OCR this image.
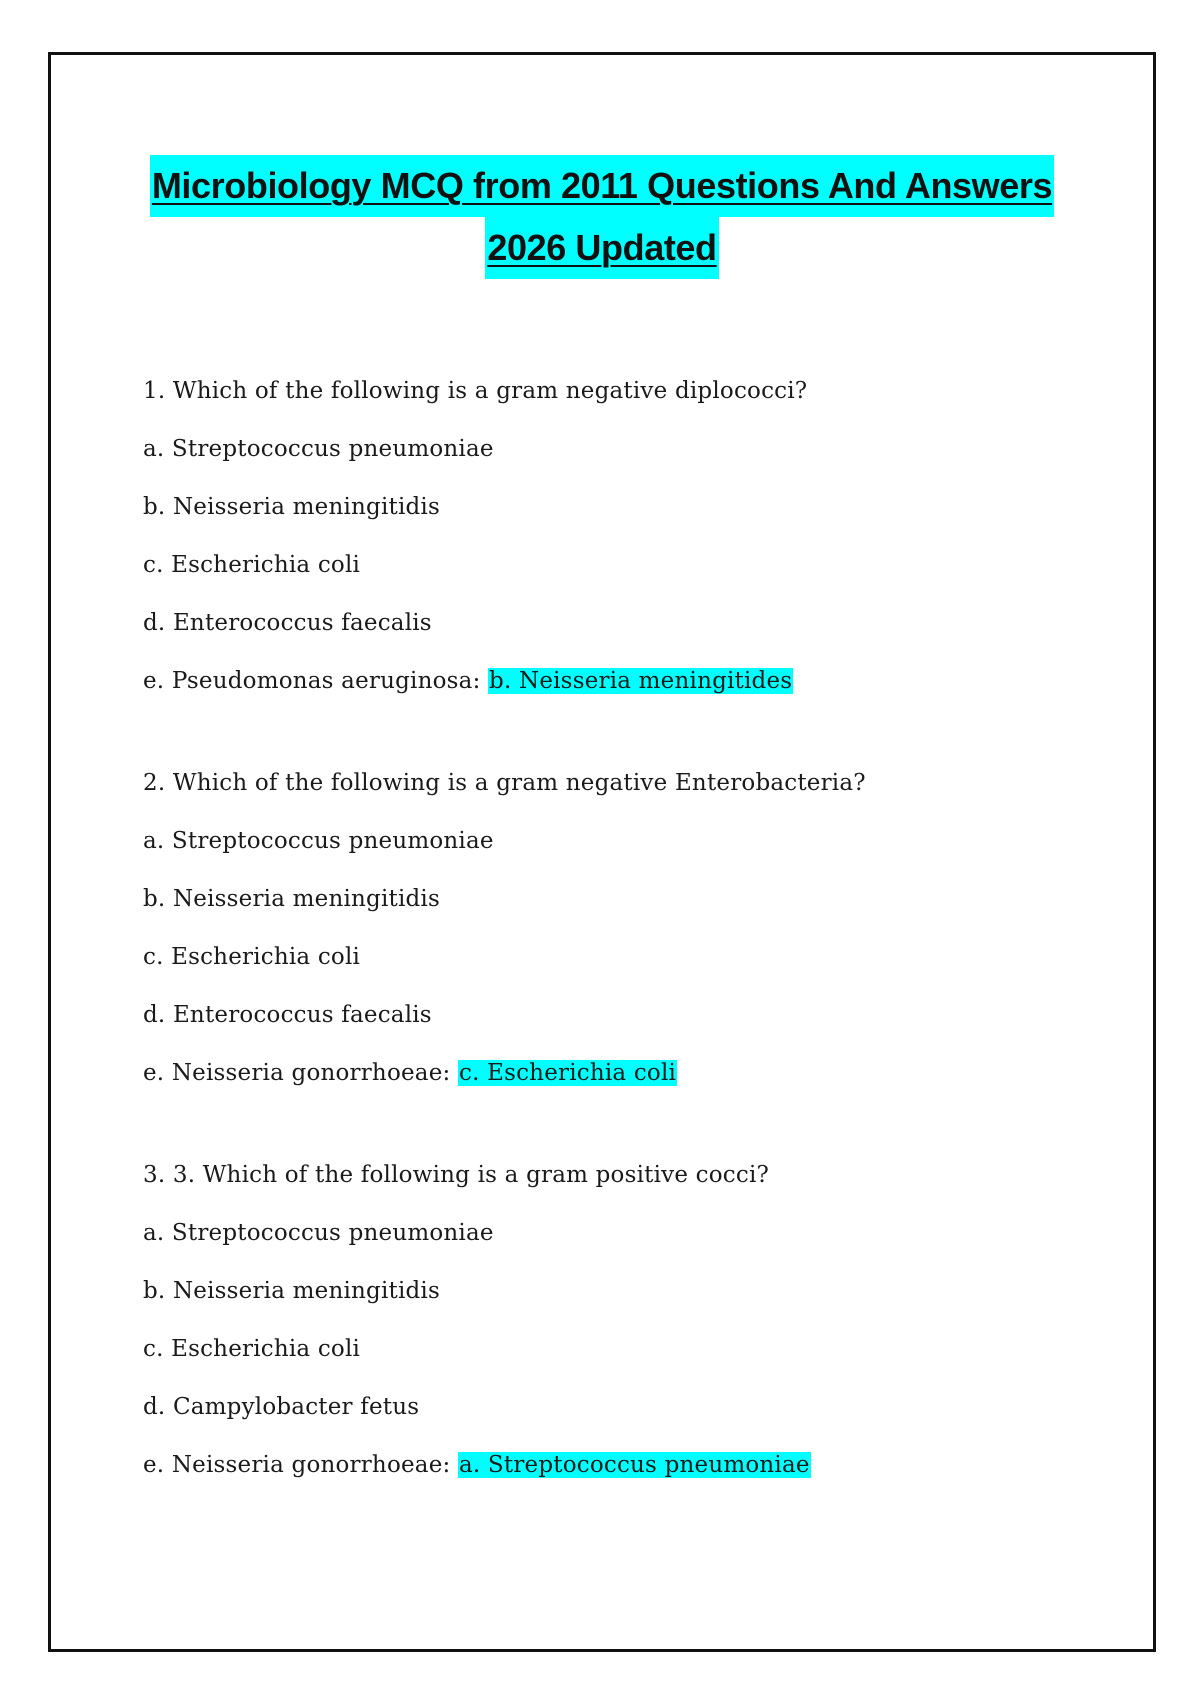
Microbiology MCQ from 2011 Questions And Answers
2026 Updated
1. Which of the following is a gram negative diplococci?
a. Streptococcus pneumoniae
b. Neisseria meningitidis
c. Escherichia coli
d. Enterococcus faecalis
e. Pseudomonas aeruginosa: b. Neisseria meningitides
2. Which of the following is a gram negative Enterobacteria?
a. Streptococcus pneumoniae
b. Neisseria meningitidis
c. Escherichia coli
d. Enterococcus faecalis
e. Neisseria gonorrhoeae: c. Escherichia coli
3. 3. Which of the following is a gram positive cocci?
a. Streptococcus pneumoniae
b. Neisseria meningitidis
c. Escherichia coli
d. Campylobacter fetus
e. Neisseria gonorrhoeae: a. Streptococcus pneumoniae
